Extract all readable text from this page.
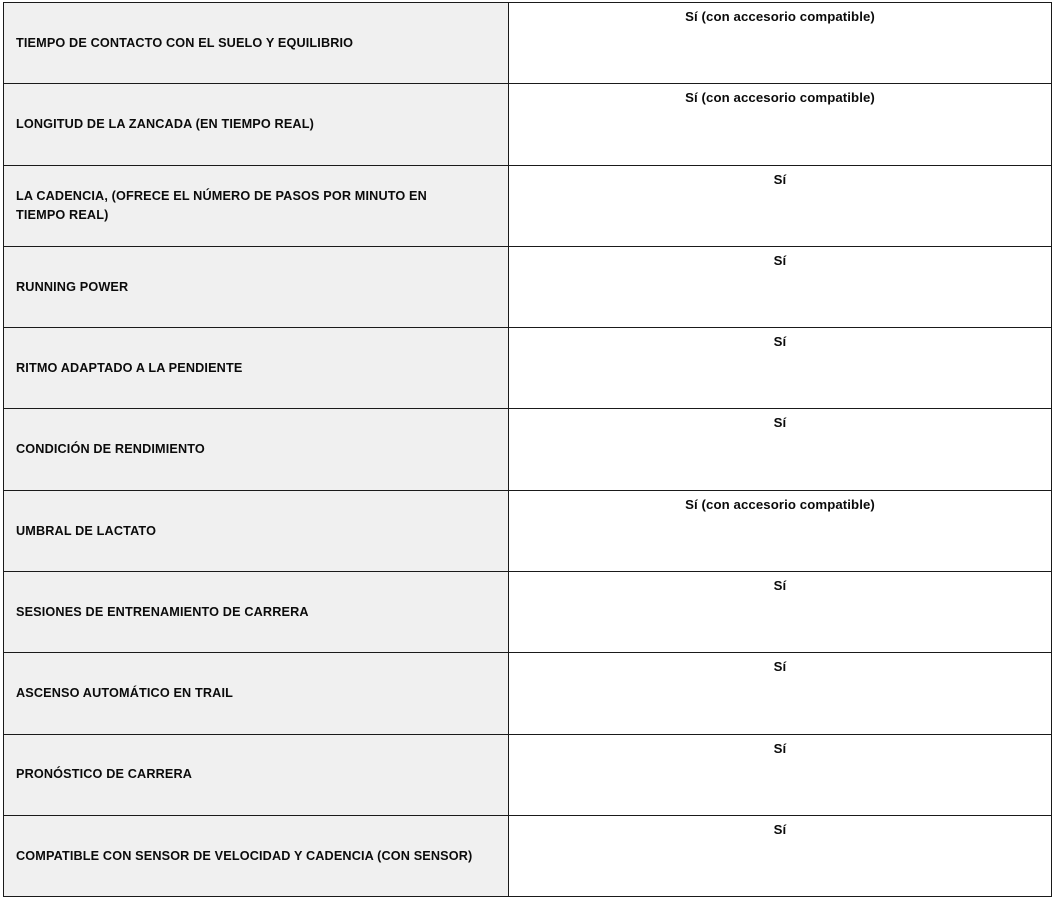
TIEMPO DE CONTACTO CON EL SUELO Y EQUILIBRIO	Sí (con accesorio compatible)

LONGITUD DE LA ZANCADA (EN TIEMPO REAL)	Sí (con accesorio compatible)

LA CADENCIA, (OFRECE EL NÚMERO DE PASOS POR MINUTO EN TIEMPO REAL)	Sí

RUNNING POWER	Sí

RITMO ADAPTADO A LA PENDIENTE	Sí

CONDICIÓN DE RENDIMIENTO	Sí

UMBRAL DE LACTATO	Sí (con accesorio compatible)

SESIONES DE ENTRENAMIENTO DE CARRERA	Sí

ASCENSO AUTOMÁTICO EN TRAIL	Sí

PRONÓSTICO DE CARRERA	Sí

COMPATIBLE CON SENSOR DE VELOCIDAD Y CADENCIA (CON SENSOR)	Sí
